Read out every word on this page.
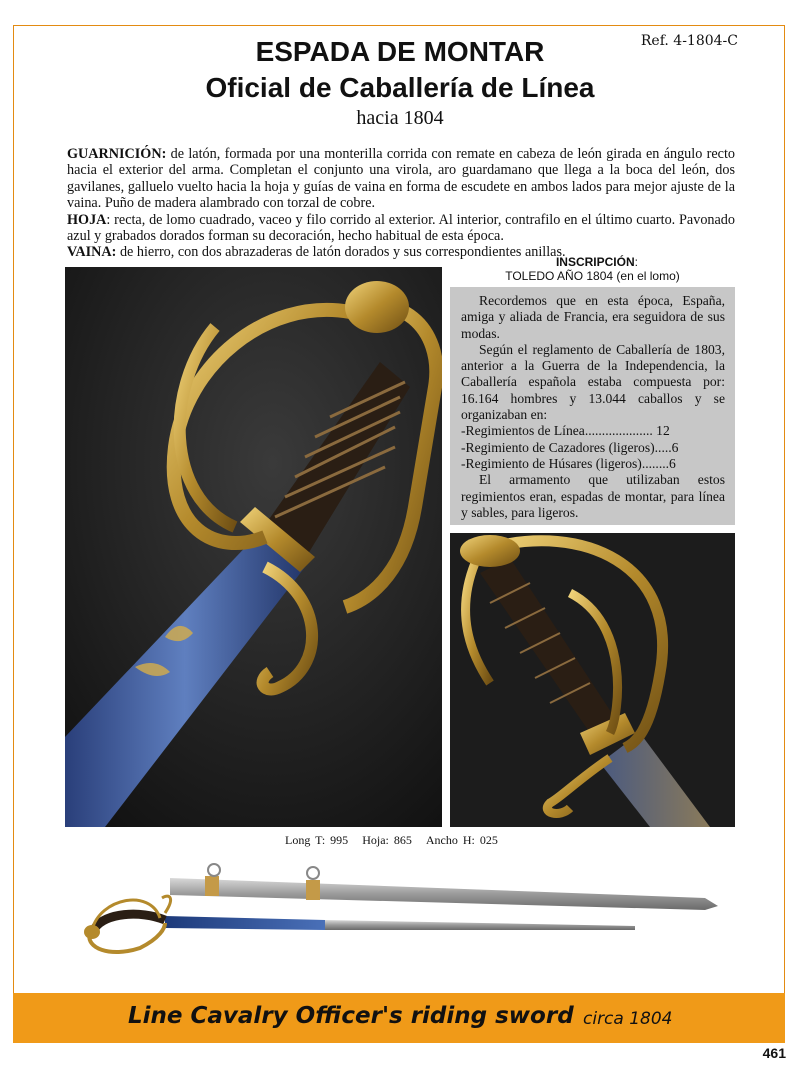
Ref. 4-1804-C
ESPADA DE MONTAR
Oficial de Caballería de Línea
hacia 1804

GUARNICIÓN: de latón, formada por una monterilla corrida con remate en cabeza de león girada en ángulo recto hacia el exterior del arma. Completan el conjunto una virola, aro guardamano que llega a la boca del león, dos gavilanes, galluelo vuelto hacia la hoja y guías de vaina en forma de escudete en ambos lados para mejor ajuste de la vaina. Puño de madera alambrado con torzal de cobre.

HOJA: recta, de lomo cuadrado, vaceo y filo corrido al exterior. Al interior, contrafilo en el último cuarto. Pavonado azul y grabados dorados forman su decoración, hecho habitual de esta época.

VAINA: de hierro, con dos abrazaderas de latón dorados y sus correspondientes anillas.

INSCRIPCIÓN:
TOLEDO AÑO 1804 (en el lomo)

Recordemos que en esta época, España, amiga y aliada de Francia, era seguidora de sus modas.

Según el reglamento de Caballería de 1803, anterior a la Guerra de la Independencia, la Caballería española estaba compuesta por: 16.164 hombres y 13.044 caballos y se organizaban en:

-Regimientos de Línea.................... 12

-Regimiento de Cazadores (ligeros).....6

-Regimiento de Húsares (ligeros)........6

El armamento que utilizaban estos regimientos eran, espadas de montar, para línea y sables, para ligeros.

Long T: 995 Hoja: 865 Ancho H: 025
Line Cavalry Officer's riding sword circa 1804
461
